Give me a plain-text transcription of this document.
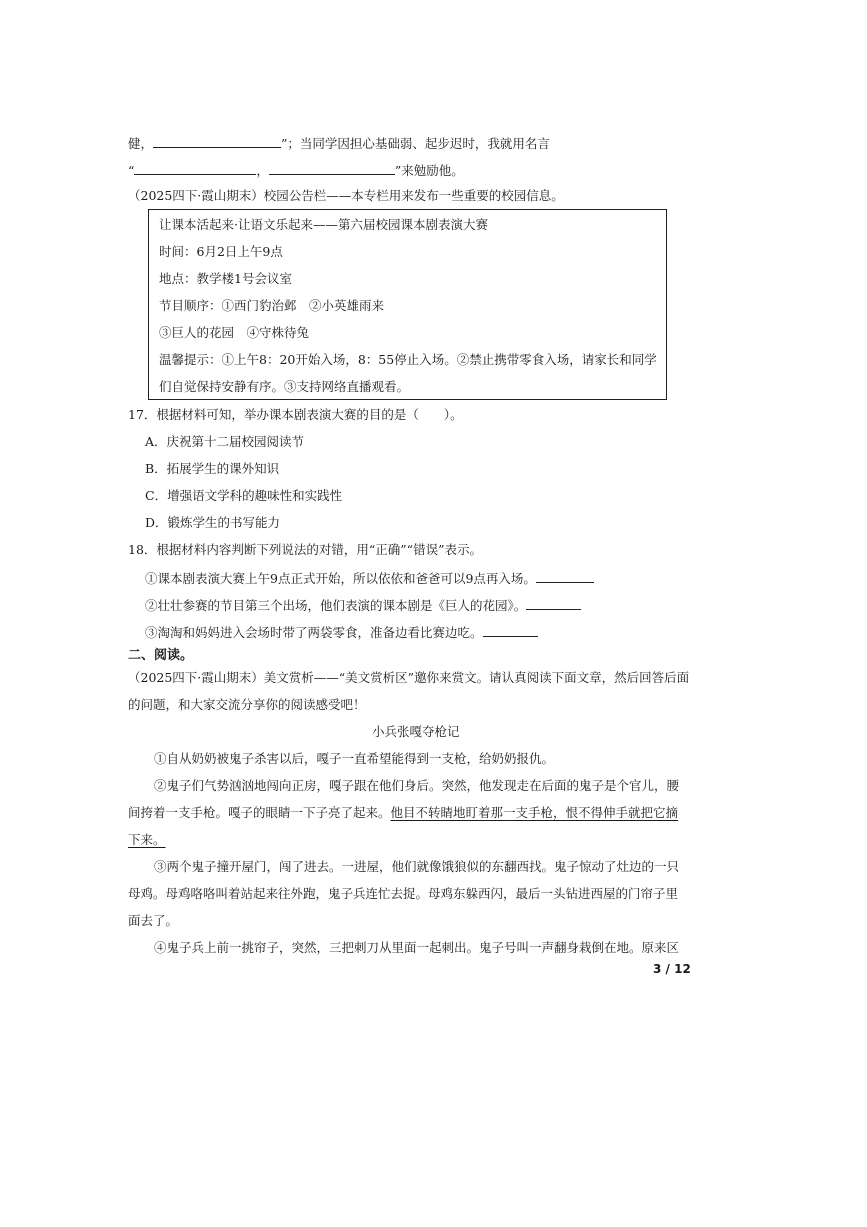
健，	”；当同学因担心基础弱、起步迟时，我就用名言
“	，	”来勉励他。
（2025四下·霞山期末）校园公告栏——本专栏用来发布一些重要的校园信息。
让课本活起来·让语文乐起来——第六届校园课本剧表演大赛
时间：6月2日上午9点
地点：教学楼1号会议室
节目顺序：①西门豹治邺　②小英雄雨来
③巨人的花园　④守株待兔
温馨提示：①上午8：20开始入场，8：55停止入场。②禁止携带零食入场，请家长和同学
们自觉保持安静有序。③支持网络直播观看。
17．根据材料可知，举办课本剧表演大赛的目的是（　　）。
A．庆祝第十二届校园阅读节
B．拓展学生的课外知识
C．增强语文学科的趣味性和实践性
D．锻炼学生的书写能力
18．根据材料内容判断下列说法的对错，用“正确”“错误”表示。
①课本剧表演大赛上午9点正式开始，所以依依和爸爸可以9点再入场。
②壮壮参赛的节目第三个出场，他们表演的课本剧是《巨人的花园》。
③淘淘和妈妈进入会场时带了两袋零食，准备边看比赛边吃。
二、阅读。
（2025四下·霞山期末）美文赏析——“美文赏析区”邀你来赏文。请认真阅读下面文章，然后回答后面
的问题，和大家交流分享你的阅读感受吧！
小兵张嘎夺枪记
①自从奶奶被鬼子杀害以后，嘎子一直希望能得到一支枪，给奶奶报仇。
②鬼子们气势汹汹地闯向正房，嘎子跟在他们身后。突然，他发现走在后面的鬼子是个官儿，腰
间挎着一支手枪。嘎子的眼睛一下子亮了起来。他目不转睛地盯着那一支手枪，恨不得伸手就把它摘
下来。
③两个鬼子撞开屋门，闯了进去。一进屋，他们就像饿狼似的东翻西找。鬼子惊动了灶边的一只
母鸡。母鸡咯咯叫着站起来往外跑，鬼子兵连忙去捉。母鸡东躲西闪，最后一头钻进西屋的门帘子里
面去了。
④鬼子兵上前一挑帘子，突然，三把刺刀从里面一起刺出。鬼子号叫一声翻身栽倒在地。原来区
3 / 12
